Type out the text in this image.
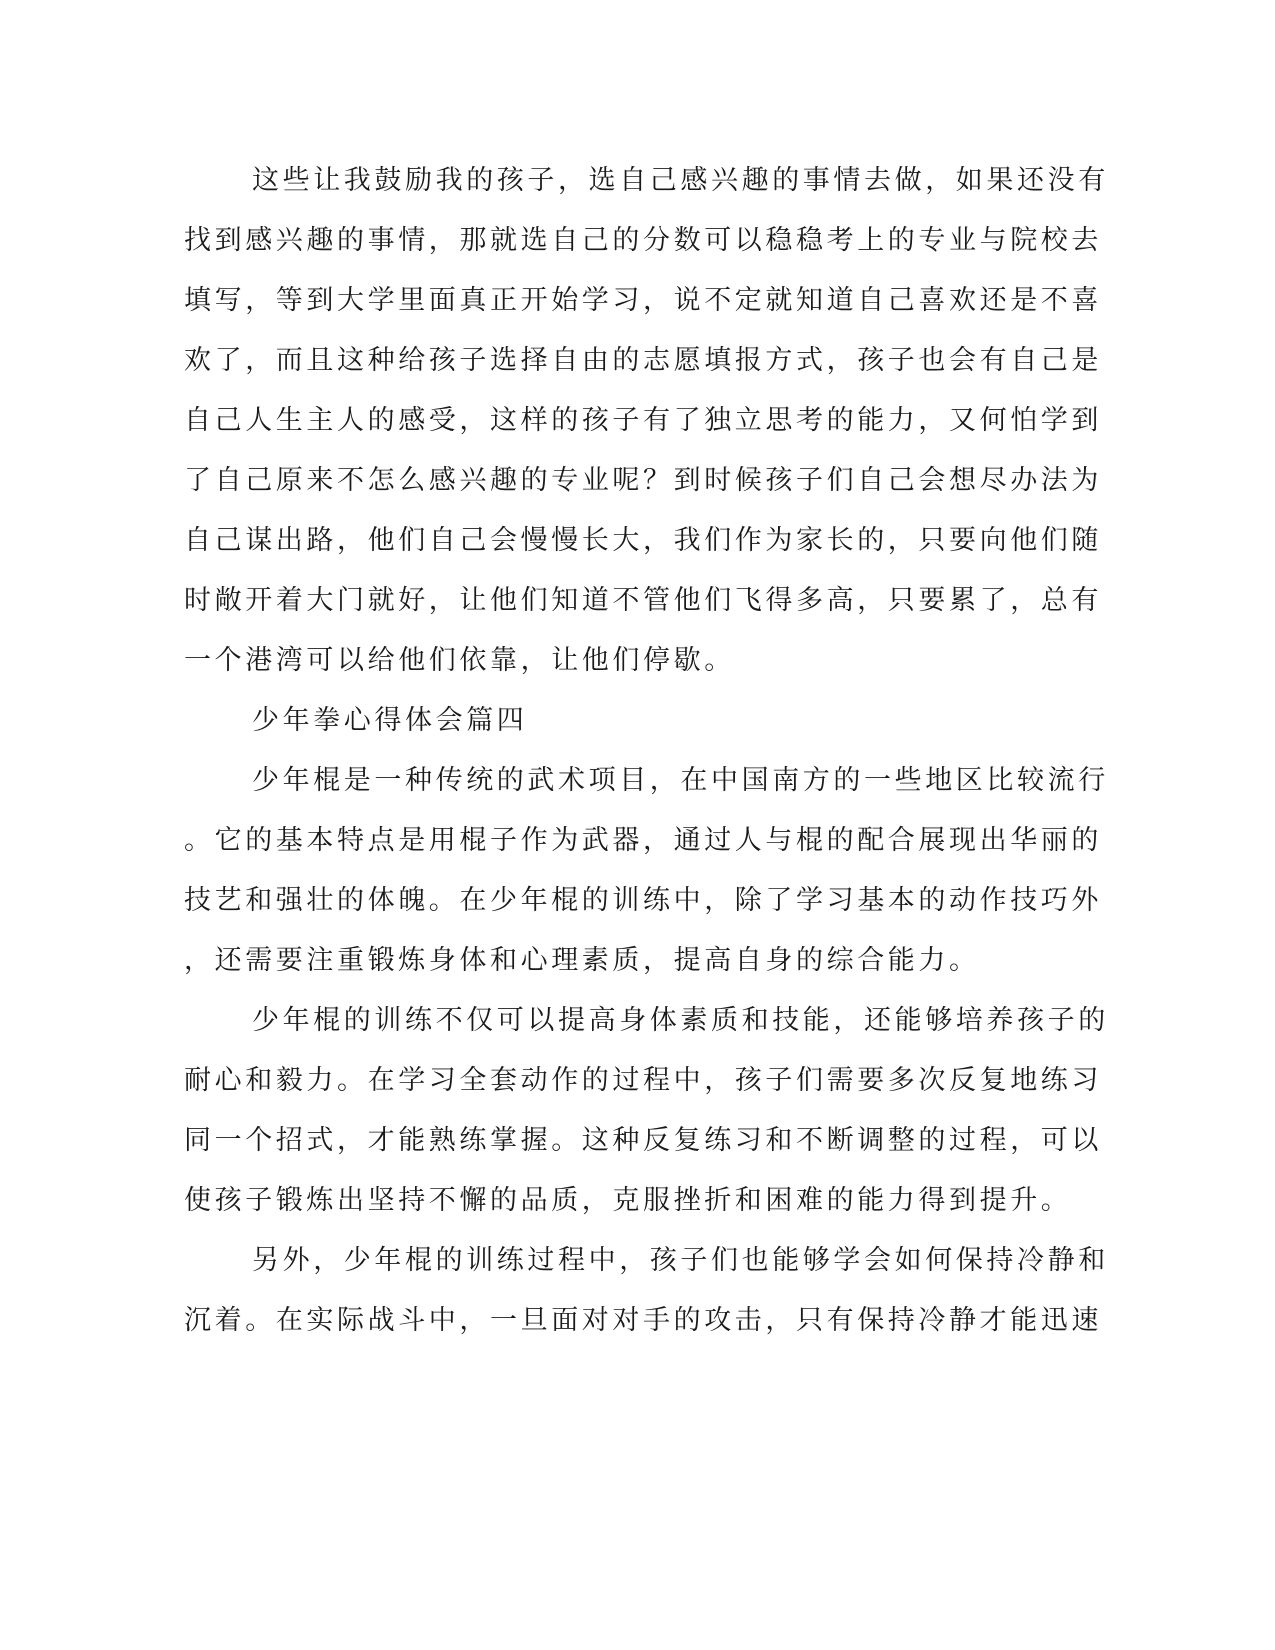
这些让我鼓励我的孩子，选自己感兴趣的事情去做，如果还没有
找到感兴趣的事情，那就选自己的分数可以稳稳考上的专业与院校去
填写，等到大学里面真正开始学习，说不定就知道自己喜欢还是不喜
欢了，而且这种给孩子选择自由的志愿填报方式，孩子也会有自己是
自己人生主人的感受，这样的孩子有了独立思考的能力，又何怕学到
了自己原来不怎么感兴趣的专业呢？到时候孩子们自己会想尽办法为
自己谋出路，他们自己会慢慢长大，我们作为家长的，只要向他们随
时敞开着大门就好，让他们知道不管他们飞得多高，只要累了，总有
一个港湾可以给他们依靠，让他们停歇。
少年拳心得体会篇四
少年棍是一种传统的武术项目，在中国南方的一些地区比较流行
。它的基本特点是用棍子作为武器，通过人与棍的配合展现出华丽的
技艺和强壮的体魄。在少年棍的训练中，除了学习基本的动作技巧外
，还需要注重锻炼身体和心理素质，提高自身的综合能力。
少年棍的训练不仅可以提高身体素质和技能，还能够培养孩子的
耐心和毅力。在学习全套动作的过程中，孩子们需要多次反复地练习
同一个招式，才能熟练掌握。这种反复练习和不断调整的过程，可以
使孩子锻炼出坚持不懈的品质，克服挫折和困难的能力得到提升。
另外，少年棍的训练过程中，孩子们也能够学会如何保持冷静和
沉着。在实际战斗中，一旦面对对手的攻击，只有保持冷静才能迅速
